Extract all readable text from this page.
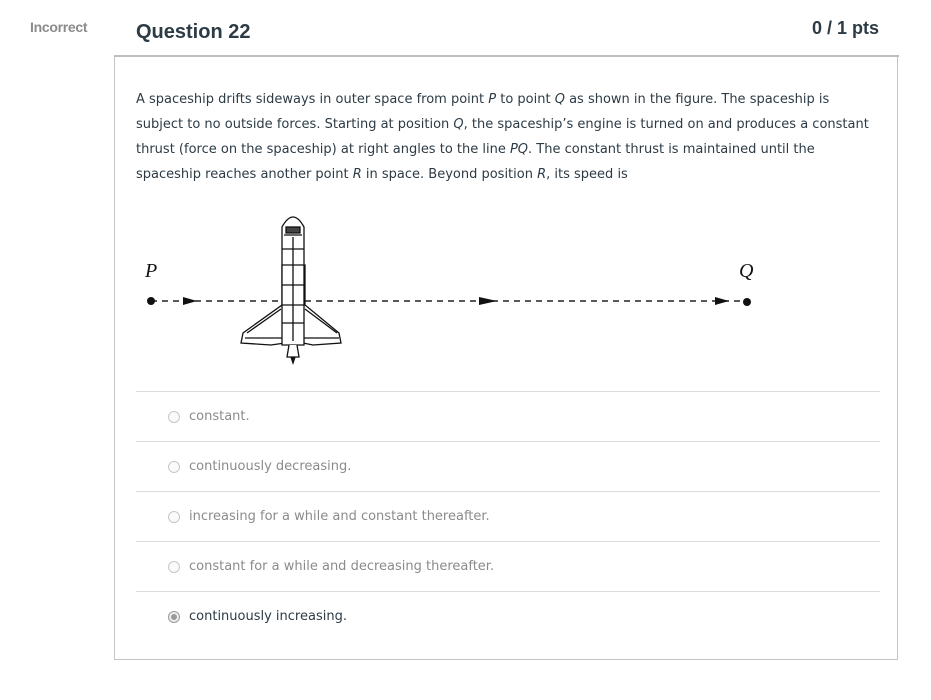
Incorrect Question 22	0 / 1 pts
A spaceship drifts sideways in outer space from point P to point Q as shown in the figure. The spaceship is subject to no outside forces. Starting at position Q, the spaceship’s engine is turned on and produces a constant thrust (force on the spaceship) at right angles to the line PQ. The constant thrust is maintained until the spaceship reaches another point R in space. Beyond position R, its speed is
P	Q
constant.
continuously decreasing.
increasing for a while and constant thereafter.
constant for a while and decreasing thereafter.
continuously increasing.
